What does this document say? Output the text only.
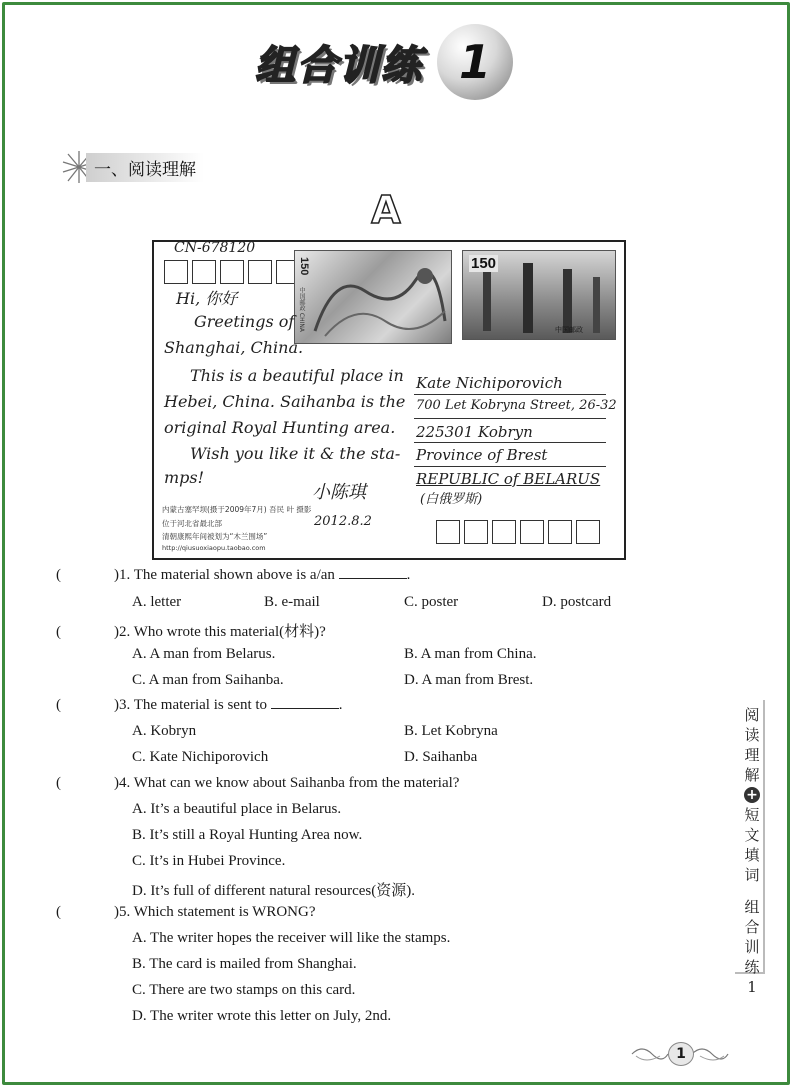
组合训练 1
一、阅读理解
A
CN-678120
150
中国邮政 CHINA
150
中国邮政
Hi, 你好
Greetings of
Shanghai, China.
This is a beautiful place in
Hebei, China. Saihanba is the
original Royal Hunting area.
Wish you like it & the sta-
mps!
Kate Nichiporovich
700 Let Kobryna Street, 26-32
225301 Kobryn
Province of Brest
REPUBLIC of BELARUS
(白俄罗斯)
小陈琪
2012.8.2
内蒙古塞罕坝(摄于2009年7月) 吾民 叶 摄影
位于河北省最北部
清朝康熙年间被划为“木兰围场”
http://qiusuoxiaopu.taobao.com
(	)1. The material shown above is a/an	.
A. letter	B. e-mail	C. poster	D. postcard
(	)2. Who wrote this material(材料)?
A. A man from Belarus.	B. A man from China.
C. A man from Saihanba.	D. A man from Brest.
(	)3. The material is sent to	.
A. Kobryn	B. Let Kobryna
C. Kate Nichiporovich	D. Saihanba
(	)4. What can we know about Saihanba from the material?
A. It’s a beautiful place in Belarus.
B. It’s still a Royal Hunting Area now.
C. It’s in Hubei Province.
D. It’s full of different natural resources(资源).
(	)5. Which statement is WRONG?
A. The writer hopes the receiver will like the stamps.
B. The card is mailed from Shanghai.
C. There are two stamps on this card.
D. The writer wrote this letter on July, 2nd.
阅
读
理
解
+
短
文
填
词
组
合
训
练
1
1
